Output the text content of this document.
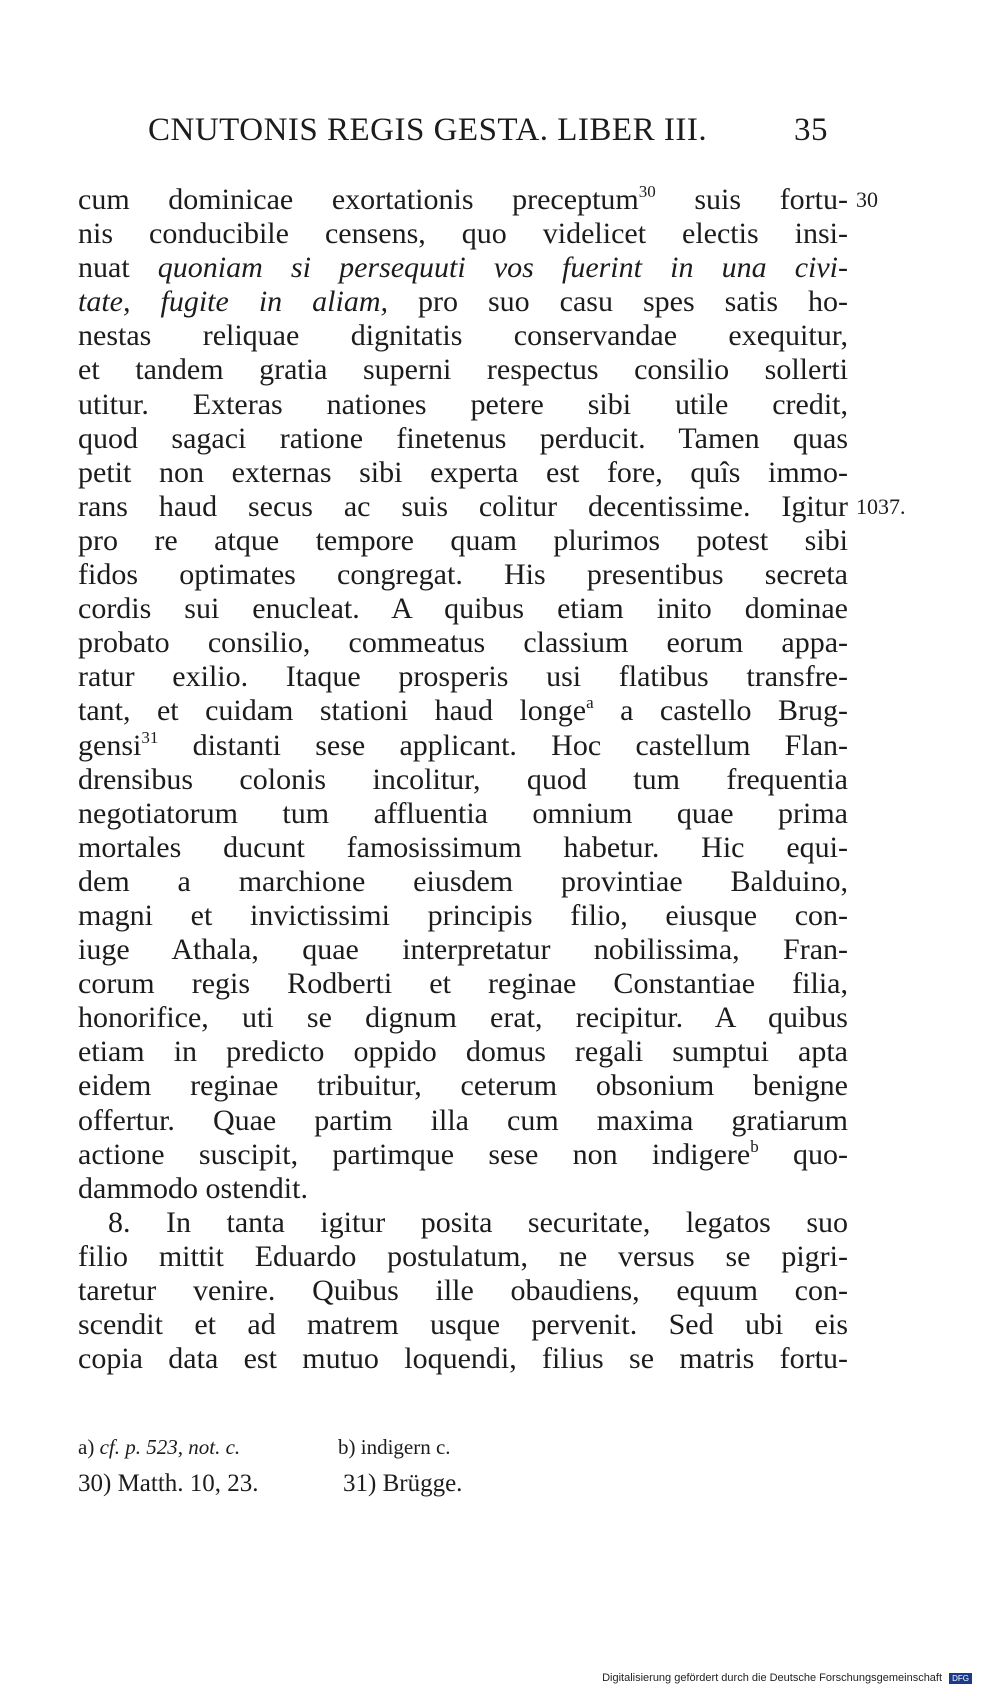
CNUTONIS REGIS GESTA. LIBER III.	35
cum dominicae exortationis preceptum$^{30}$ suis fortu- 30
nis conducibile censens, quo videlicet electis insi-
nuat quoniam si persequuti vos fuerint in una civi-
tate, fugite in aliam, pro suo casu spes satis ho-
nestas reliquae dignitatis conservandae exequitur,
et tandem gratia superni respectus consilio sollerti
utitur. Exteras nationes petere sibi utile credit,
quod sagaci ratione finetenus perducit. Tamen quas
petit non externas sibi experta est fore, quîs immo-
rans haud secus ac suis colitur decentissime. Igitur 1037.
pro re atque tempore quam plurimos potest sibi
fidos optimates congregat. His presentibus secreta
cordis sui enucleat. A quibus etiam inito dominae
probato consilio, commeatus classium eorum appa-
ratur exilio. Itaque prosperis usi flatibus transfre-
tant, et cuidam stationi haud longe$^a$ a castello Brug-
gensi$^{31}$ distanti sese applicant. Hoc castellum Flan-
drensibus colonis incolitur, quod tum frequentia
negotiatorum tum affluentia omnium quae prima
mortales ducunt famosissimum habetur. Hic equi-
dem a marchione eiusdem provintiae Balduino,
magni et invictissimi principis filio, eiusque con-
iuge Athala, quae interpretatur nobilissima, Fran-
corum regis Rodberti et reginae Constantiae filia,
honorifice, uti se dignum erat, recipitur. A quibus
etiam in predicto oppido domus regali sumptui apta
eidem reginae tribuitur, ceterum obsonium benigne
offertur. Quae partim illa cum maxima gratiarum
actione suscipit, partimque sese non indigere$^b$ quo-
dammodo ostendit.
8. In tanta igitur posita securitate, legatos suo
filio mittit Eduardo postulatum, ne versus se pigri-
taretur venire. Quibus ille obaudiens, equum con-
scendit et ad matrem usque pervenit. Sed ubi eis
copia data est mutuo loquendi, filius se matris fortu-
a) cf. p. 523, not. c.	b) indigern c.
30) Matth. 10, 23.	31) Brügge.
Digitalisierung gefördert durch die Deutsche Forschungsgemeinschaft DFG
